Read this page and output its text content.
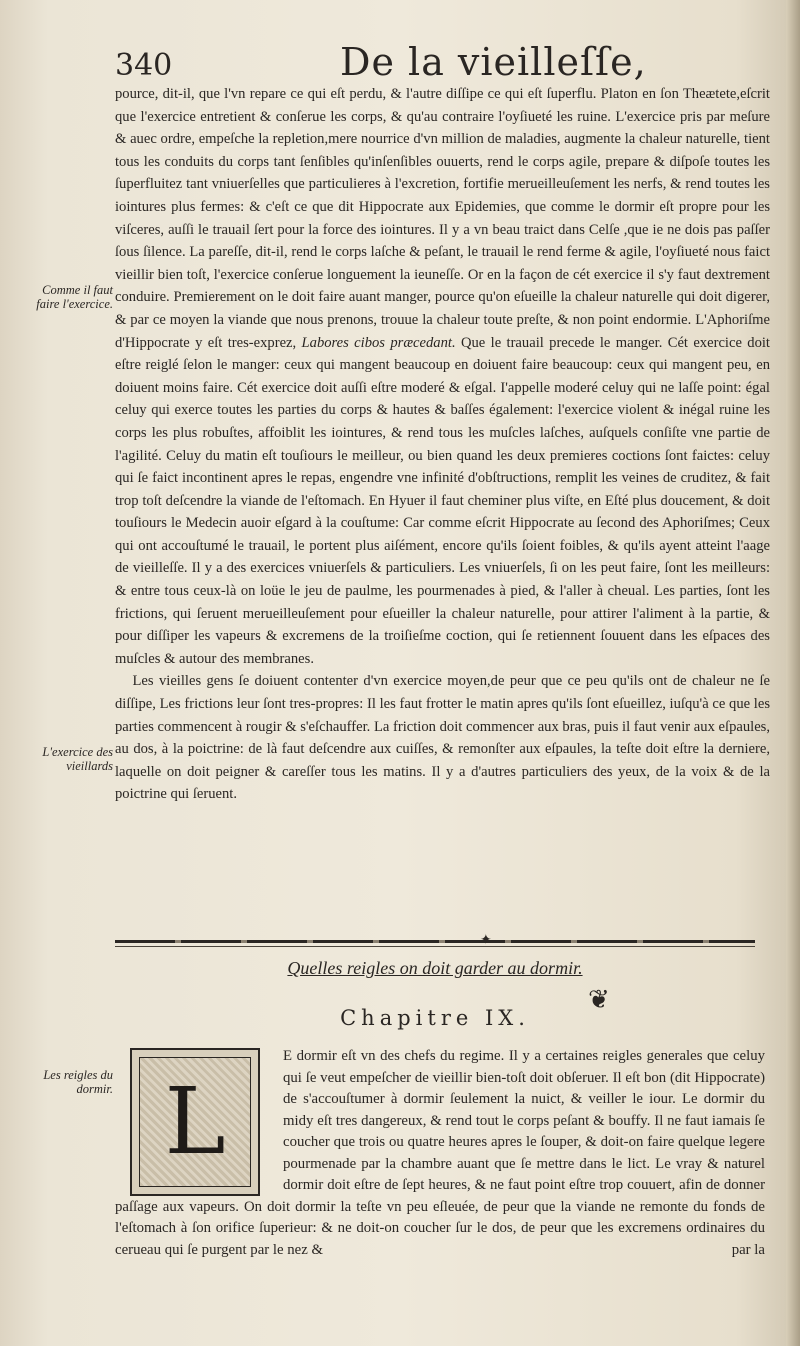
340	De la vieilleſſe,
Comme il faut faire l'exercice.
L'exercice des vieillards
Les reigles du dormir.

pource, dit-il, que l'vn repare ce qui eſt perdu, & l'autre diſſipe ce qui eſt ſuperflu. Platon en ſon Theætete,eſcrit que l'exercice entretient & conſerue les corps, & qu'au contraire l'oyſiueté les ruine. L'exercice pris par meſure & auec ordre, empeſche la repletion,mere nourrice d'vn million de maladies, augmente la chaleur naturelle, tient tous les conduits du corps tant ſenſibles qu'inſenſibles ouuerts, rend le corps agile, prepare & diſpoſe toutes les ſuperfluitez tant vniuerſelles que particulieres à l'excretion, fortifie merueilleuſement les nerfs, & rend toutes les iointures plus fermes: & c'eſt ce que dit Hippocrate aux Epidemies, que comme le dormir eſt propre pour les viſceres, auſſi le trauail ſert pour la force des iointures. Il y a vn beau traict dans Celſe ,que ie ne dois pas paſſer ſous ſilence. La pareſſe, dit-il, rend le corps laſche & peſant, le trauail le rend ferme & agile, l'oyſiueté nous faict vieillir bien toſt, l'exercice conſerue longuement la ieuneſſe. Or en la façon de cét exercice il s'y faut dextrement conduire. Premierement on le doit faire auant manger, pource qu'on eſueille la chaleur naturelle qui doit digerer, & par ce moyen la viande que nous prenons, trouue la chaleur toute preſte, & non point endormie. L'Aphoriſme d'Hippocrate y eſt tres-exprez, Labores cibos præcedant. Que le trauail precede le manger. Cét exercice doit eſtre reiglé ſelon le manger: ceux qui mangent beaucoup en doiuent faire beaucoup: ceux qui mangent peu, en doiuent moins faire. Cét exercice doit auſſi eſtre moderé & eſgal. I'appelle moderé celuy qui ne laſſe point: égal celuy qui exerce toutes les parties du corps & hautes & baſſes également: l'exercice violent & inégal ruine les corps les plus robuſtes, affoiblit les iointures, & rend tous les muſcles laſches, auſquels conſiſte vne partie de l'agilité. Celuy du matin eſt touſiours le meilleur, ou bien quand les deux premieres coctions ſont faictes: celuy qui ſe faict incontinent apres le repas, engendre vne infinité d'obſtructions, remplit les veines de cruditez, & fait trop toſt deſcendre la viande de l'eſtomach. En Hyuer il faut cheminer plus viſte, en Eſté plus doucement, & doit touſiours le Medecin auoir eſgard à la couſtume: Car comme eſcrit Hippocrate au ſecond des Aphoriſmes; Ceux qui ont accouſtumé le trauail, le portent plus aiſément, encore qu'ils ſoient foibles, & qu'ils ayent atteint l'aage de vieilleſſe. Il y a des exercices vniuerſels & particuliers. Les vniuerſels, ſi on les peut faire, ſont les meilleurs: & entre tous ceux-là on loüe le jeu de paulme, les pourmenades à pied, & l'aller à cheual. Les parties, ſont les frictions, qui ſeruent merueilleuſement pour eſueiller la chaleur naturelle, pour attirer l'aliment à la partie, & pour diſſiper les vapeurs & excremens de la troiſieſme coction, qui ſe retiennent ſouuent dans les eſpaces des muſcles & autour des membranes.

Les vieilles gens ſe doiuent contenter d'vn exercice moyen,de peur que ce peu qu'ils ont de chaleur ne ſe diſſipe, Les frictions leur ſont tres-propres: Il les faut frotter le matin apres qu'ils ſont eſueillez, iuſqu'à ce que les parties commencent à rougir & s'eſchauffer. La friction doit commencer aux bras, puis il faut venir aux eſpaules, au dos, à la poictrine: de là faut deſcendre aux cuiſſes, & remonſter aux eſpaules, la teſte doit eſtre la derniere, laquelle on doit peigner & careſſer tous les matins. Il y a d'autres particuliers des yeux, de la voix & de la poictrine qui ſeruent.

✦
Quelles reigles on doit garder au dormir.
❦
Chapitre IX.
L

E dormir eſt vn des chefs du regime. Il y a certaines reigles generales que celuy qui ſe veut empeſcher de vieillir bien-toſt doit obſeruer. Il eſt bon (dit Hippocrate) de s'accouſtumer à dormir ſeulement la nuict, & veiller le iour. Le dormir du midy eſt tres dangereux, & rend tout le corps peſant & bouffy. Il ne faut iamais ſe coucher que trois ou quatre heures apres le ſouper, & doit-on faire quelque legere pourmenade par la chambre auant que ſe mettre dans le lict. Le vray & naturel dormir doit eſtre de ſept heures, & ne faut point eſtre trop couuert, afin de donner paſſage aux vapeurs. On doit dormir la teſte vn peu eſleuée, de peur que la viande ne remonte du fonds de l'eſtomach à ſon orifice ſuperieur: & ne doit-on coucher ſur le dos, de peur que les excremens ordinaires du cerueau qui ſe purgent par le nez &	par la
